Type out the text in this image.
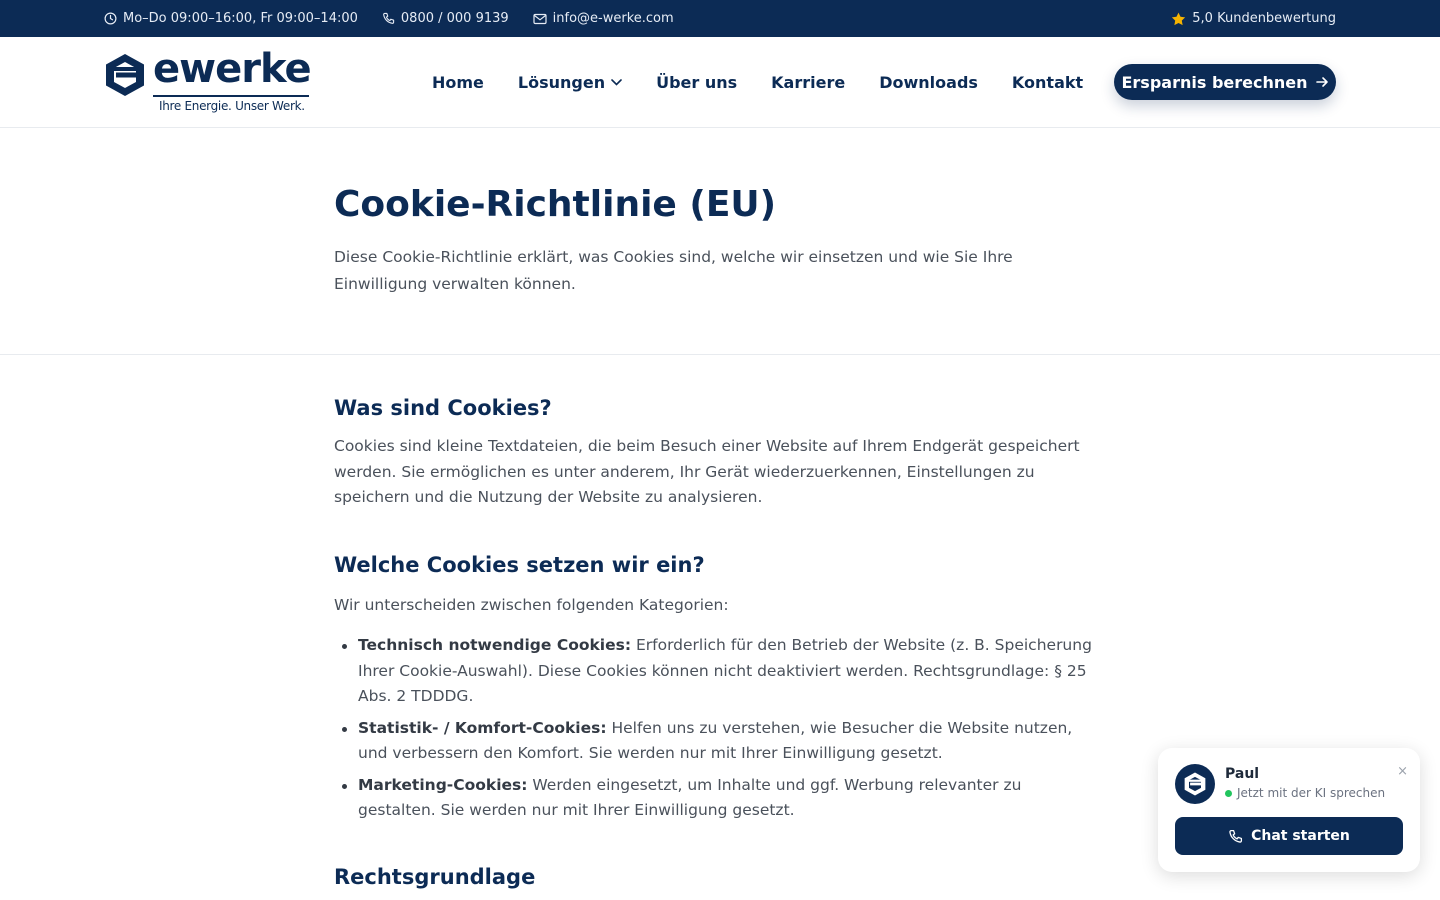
Mo–Do 09:00–16:00, Fr 09:00–14:00	0800 / 000 9139	info@e-werke.com	5,0 Kundenbewertung
ewerke
Ihre Energie. Unser Werk.
Home Lösungen	Über uns Karriere Downloads Kontakt Ersparnis berechnen
Cookie-Richtlinie (EU)

Diese Cookie-Richtlinie erklärt, was Cookies sind, welche wir einsetzen und wie Sie Ihre Einwilligung verwalten können.

Was sind Cookies?

Cookies sind kleine Textdateien, die beim Besuch einer Website auf Ihrem Endgerät gespeichert werden. Sie ermöglichen es unter anderem, Ihr Gerät wiederzuerkennen, Einstellungen zu speichern und die Nutzung der Website zu analysieren.

Welche Cookies setzen wir ein?

Wir unterscheiden zwischen folgenden Kategorien:

Technisch notwendige Cookies: Erforderlich für den Betrieb der Website (z. B. Speicherung Ihrer Cookie-Auswahl). Diese Cookies können nicht deaktiviert werden. Rechtsgrundlage: § 25 Abs. 2 TDDDG.
Statistik- / Komfort-Cookies: Helfen uns zu verstehen, wie Besucher die Website nutzen, und verbessern den Komfort. Sie werden nur mit Ihrer Einwilligung gesetzt.
Marketing-Cookies: Werden eingesetzt, um Inhalte und ggf. Werbung relevanter zu gestalten. Sie werden nur mit Ihrer Einwilligung gesetzt.
Rechtsgrundlage
Paul
Jetzt mit der KI sprechen
×
Chat starten
